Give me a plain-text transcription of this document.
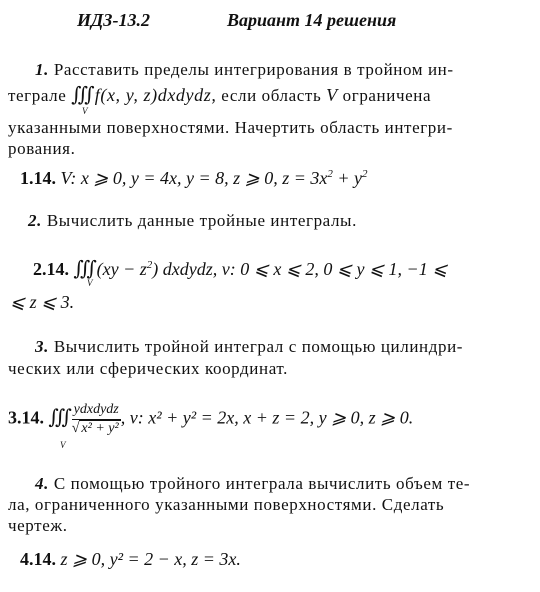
ИДЗ-13.2	Вариант 14 решения
1. Расставить пределы интегрирования в тройном ин-
теграле ∭ f(x, y, z)dxdydz, если область V ограничена
V
указанными поверхностями. Начертить область интегри-
рования.
1.14. V: x ⩾ 0, y = 4x, y = 8, z ⩾ 0, $z = 3x^2 + y^2$
2. Вычислить данные тройные интегралы.
2.14. ∭ $(xy - z^2)$ dxdydz, v: 0 ⩽ x ⩽ 2, 0 ⩽ y ⩽ 1, −1 ⩽
V
⩽ z ⩽ 3.
3. Вычислить тройной интеграл с помощью цилиндри-
ческих или сферических координат.
3.14. ∭ $\frac{\text{ydxdydz}}{\text{√ x² + y²}}$ , v: x² + y² = 2x, x + z = 2, y ⩾ 0, z ⩾ 0.
V
4. С помощью тройного интеграла вычислить объем те-
ла, ограниченного указанными поверхностями. Сделать
чертеж.
4.14. z ⩾ 0, y² = 2 − x, z = 3x.
